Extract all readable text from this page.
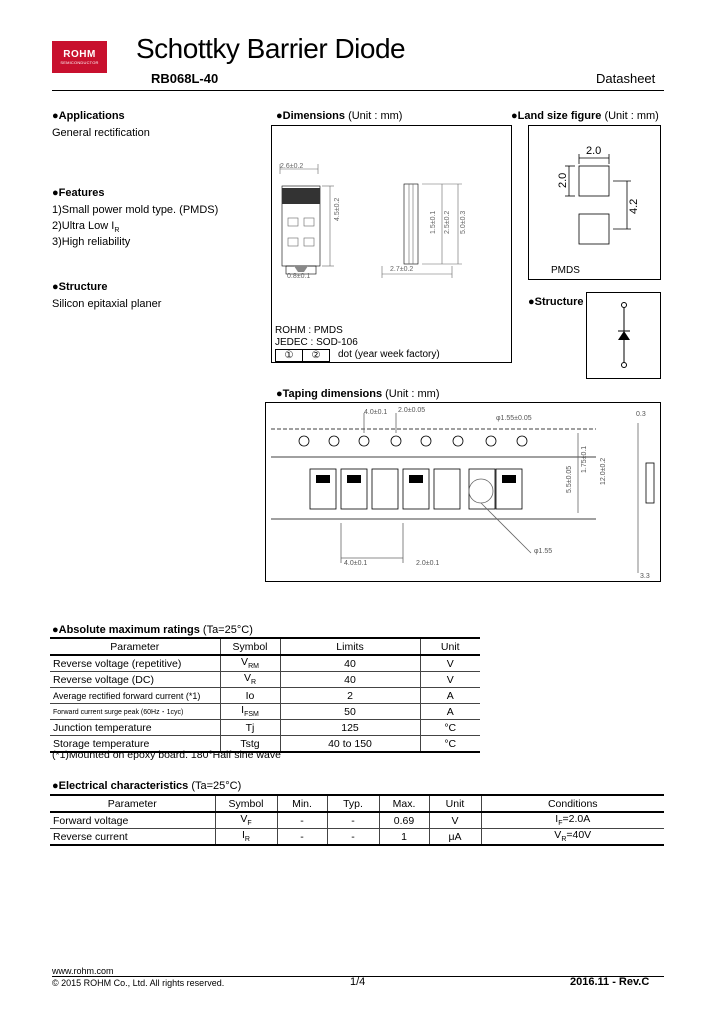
ROHM
SEMICONDUCTOR Schottky Barrier Diode
RB068L-40	Datasheet
●Applications
General rectification
●Features
1)Small power mold type. (PMDS)
2)Ultra Low $I_R$
3)High reliability
●Structure
Silicon epitaxial planer
●Dimensions (Unit : mm)
2.6±0.2
4.5±0.2
0.8±0.1
2.7±0.2
1.5±0.1 2.5±0.2 5.0±0.3
ROHM : PMDS
JEDEC : SOD-106
①	②	dot (year week factory)
●Land size figure (Unit : mm)
2.0
2.0
4.2
PMDS
●Structure
●Taping dimensions (Unit : mm)
4.0±0.1 2.0±0.05
φ1.55±0.05
0.3
1.75±0.1
5.5±0.05	12.0±0.2
4.0±0.1
φ1.55
2.0±0.1
3.3
●Absolute maximum ratings (Ta=25°C)
Parameter	Symbol	Limits	Unit
Reverse voltage (repetitive)	$V_{RM}$	40	V
Reverse voltage (DC)	$V_R$	40	V
Average rectified forward current (*1)	Io	2	A
Forward current surge peak (60Hz・1cyc)	$I_{FSM}$	50	A
Junction temperature	Tj	125	°C
Storage temperature	Tstg	40 to 150	°C
(*1)Mounted on epoxy board. 180°Half sine wave
●Electrical characteristics (Ta=25°C)
Parameter	Symbol	Min.	Typ.	Max.	Unit	Conditions
Forward voltage	$V_F$	-	-	0.69	V	$I_F=2.0A$
Reverse current	$I_R$	-	-	1	μA	$V_R=40V$
www.rohm.com
© 2015 ROHM Co., Ltd. All rights reserved.	1/4	2016.11 - Rev.C
